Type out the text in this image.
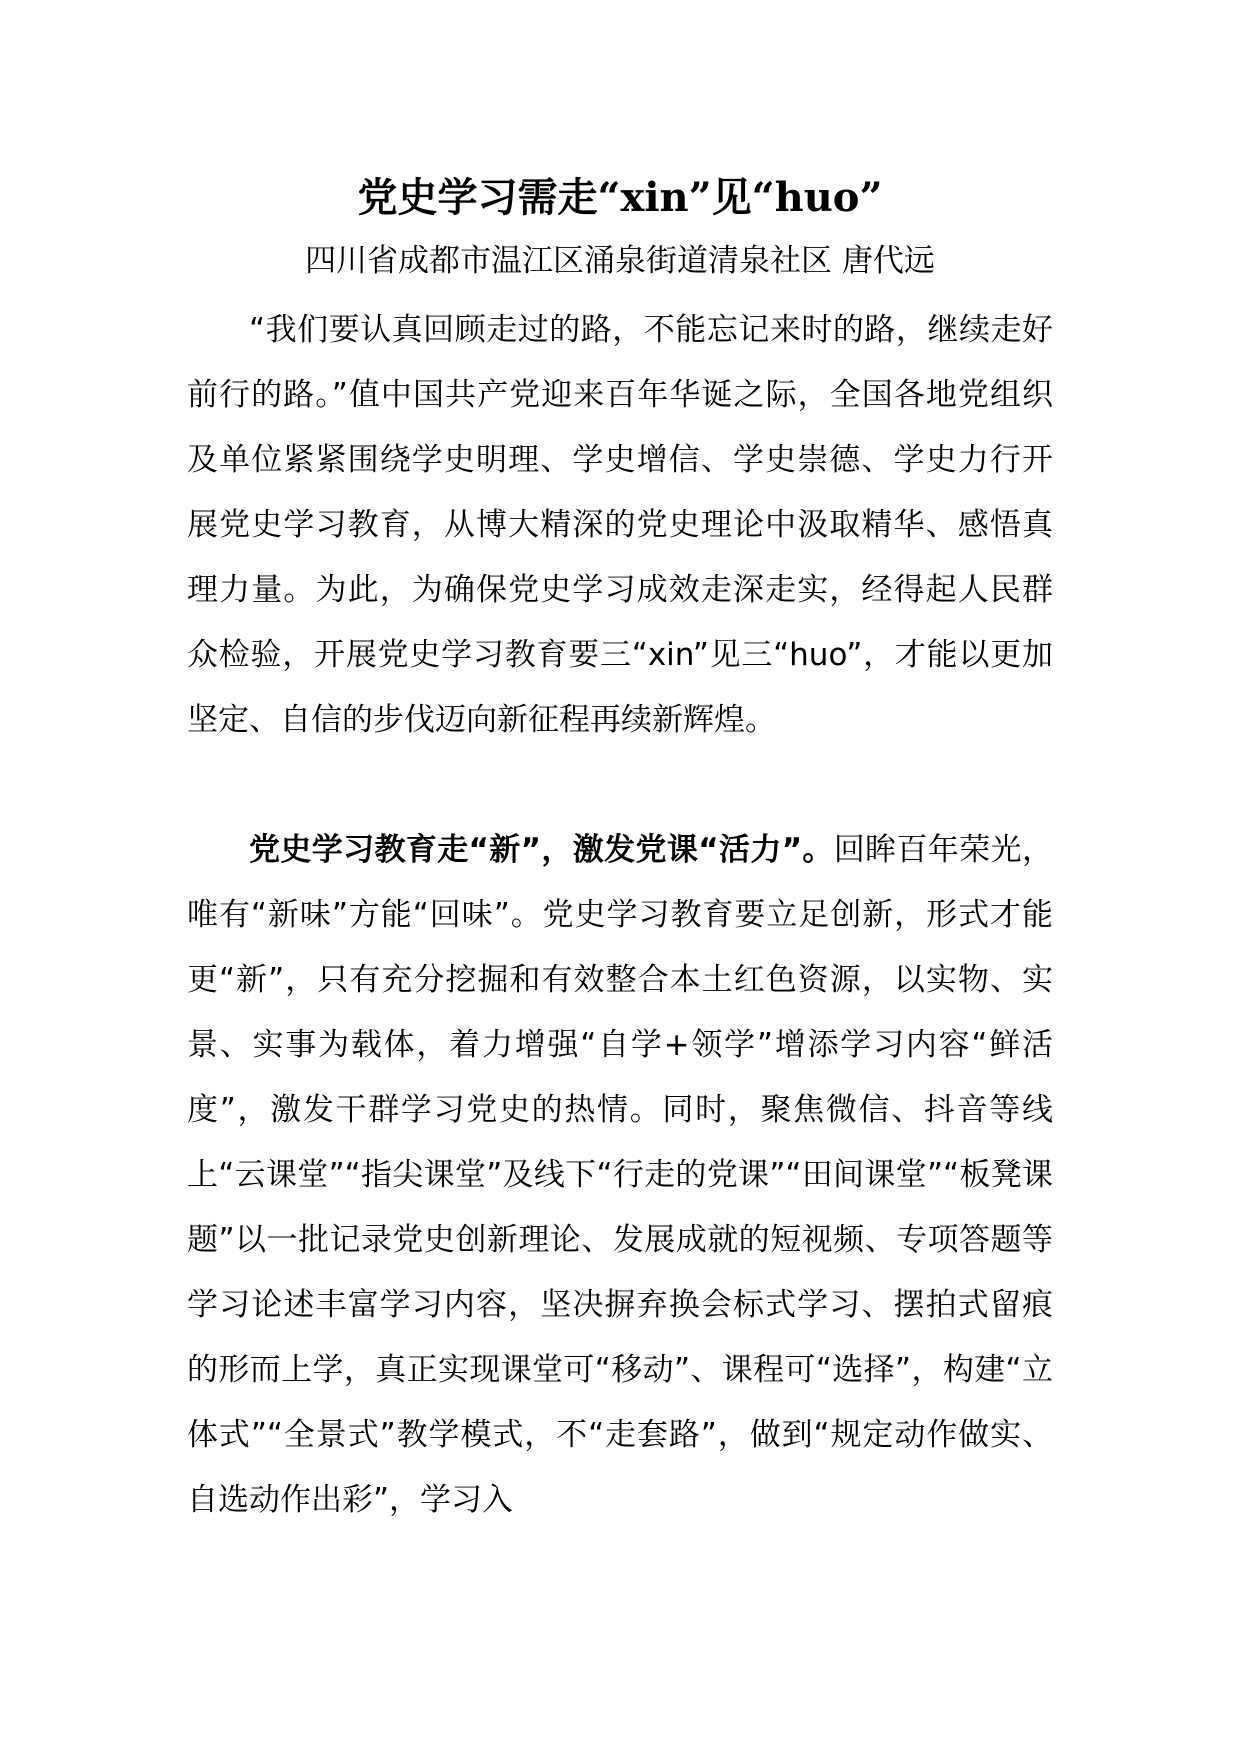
党史学习需走“xin”见“huo”

四川省成都市温江区涌泉街道清泉社区 唐代远

“我们要认真回顾走过的路，不能忘记来时的路，继续走好前行的路。”值中国共产党迎来百年华诞之际，全国各地党组织及单位紧紧围绕学史明理、学史增信、学史崇德、学史力行开展党史学习教育，从博大精深的党史理论中汲取精华、感悟真理力量。为此，为确保党史学习成效走深走实，经得起人民群众检验，开展党史学习教育要三“xin”见三“huo”，才能以更加坚定、自信的步伐迈向新征程再续新辉煌。

党史学习教育走“新”，激发党课“活力”。回眸百年荣光，唯有“新味”方能“回味”。党史学习教育要立足创新，形式才能更“新”，只有充分挖掘和有效整合本土红色资源，以实物、实景、实事为载体，着力增强“自学+领学”增添学习内容“鲜活度”，激发干群学习党史的热情。同时，聚焦微信、抖音等线上“云课堂”“指尖课堂”及线下“行走的党课”“田间课堂”“板凳课题”以一批记录党史创新理论、发展成就的短视频、专项答题等学习论述丰富学习内容，坚决摒弃换会标式学习、摆拍式留痕的形而上学，真正实现课堂可“移动”、课程可“选择”，构建“立体式”“全景式”教学模式，不“走套路”，做到“规定动作做实、自选动作出彩”，学习入
